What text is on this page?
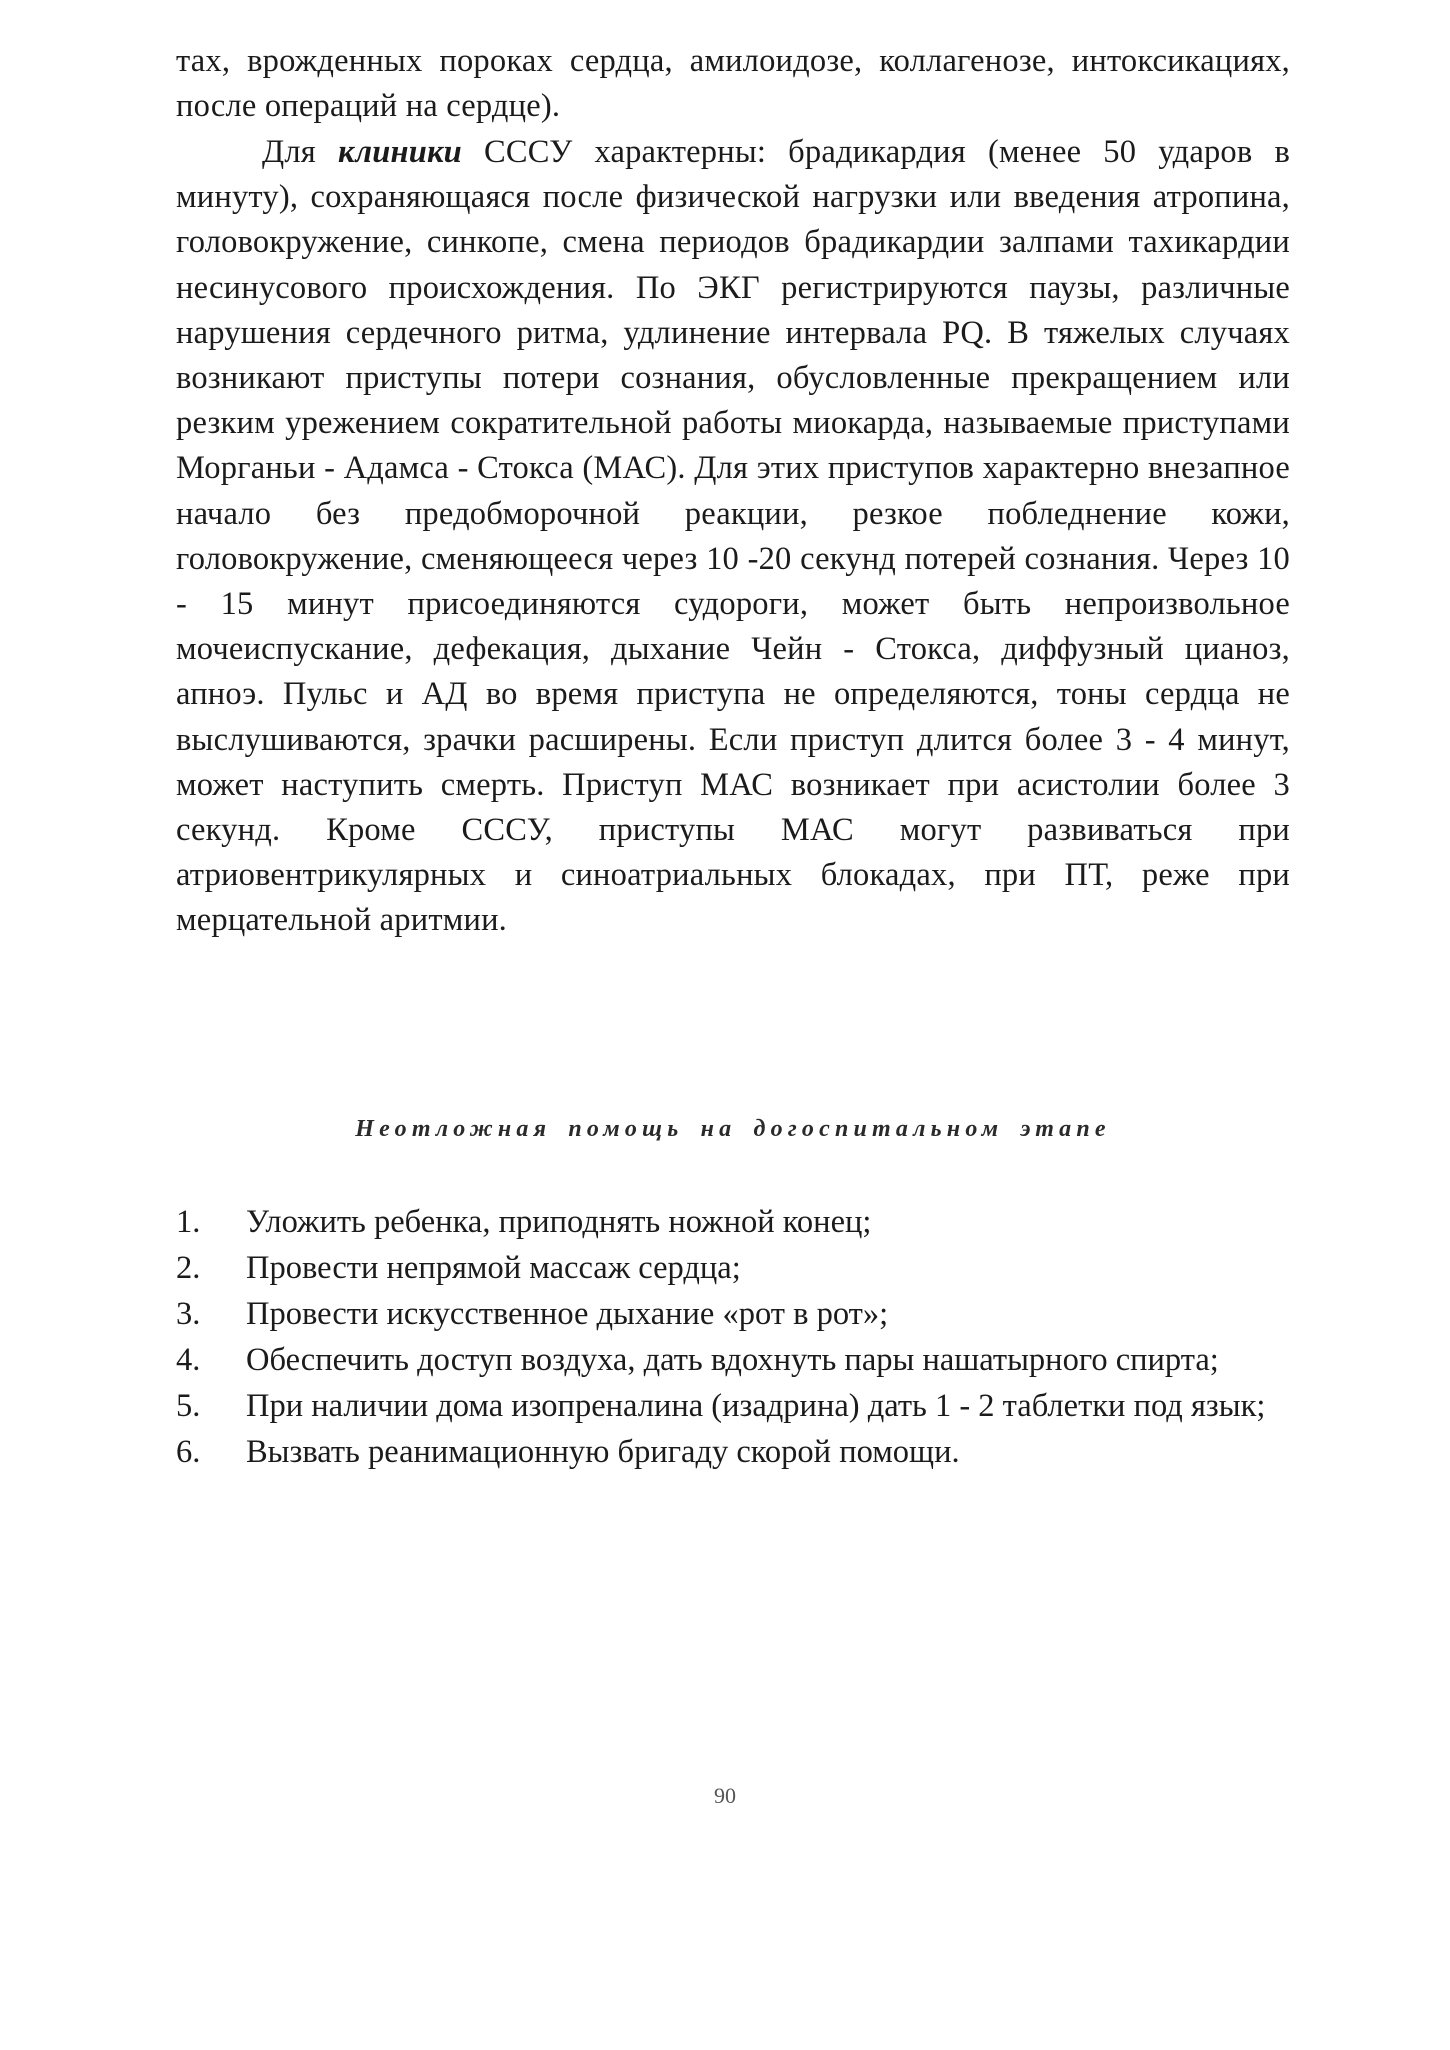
тах, врожденных пороках сердца, амилоидозе, коллагенозе, интоксикациях, после операций на сердце).

Для клиники СССУ характерны: брадикардия (менее 50 ударов в минуту), сохраняющаяся после физической нагрузки или введения атропина, головокружение, синкопе, смена периодов брадикардии залпами тахикардии несинусового происхождения. По ЭКГ регистрируются паузы, различные нарушения сердечного ритма, удлинение интервала PQ. В тяжелых случаях возникают приступы потери сознания, обусловленные прекращением или резким урежением сократительной работы миокарда, называемые приступами Морганьи - Адамса - Стокса (МАС). Для этих приступов характерно внезапное начало без предобморочной реакции, резкое побледнение кожи, головокружение, сменяющееся через 10 -20 секунд потерей сознания. Через 10 - 15 минут присоединяются судороги, может быть непроизвольное мочеиспускание, дефекация, дыхание Чейн - Стокса, диффузный цианоз, апноэ. Пульс и АД во время приступа не определяются, тоны сердца не выслушиваются, зрачки расширены. Если приступ длится более 3 - 4 минут, может наступить смерть. Приступ МАС возникает при асистолии более 3 секунд. Кроме СССУ, приступы МАС могут развиваться при атриовентрикулярных и синоатриальных блокадах, при ПТ, реже при мерцательной аритмии.

Неотложная помощь на догоспитальном этапе
1.	Уложить ребенка, приподнять ножной конец;
2.	Провести непрямой массаж сердца;
3.	Провести искусственное дыхание «рот в рот»;
4.	Обеспечить доступ воздуха, дать вдохнуть пары нашатырного спирта;
5.	При наличии дома изопреналина (изадрина) дать 1 - 2 таблетки под язык;
6.	Вызвать реанимационную бригаду скорой помощи.
90
